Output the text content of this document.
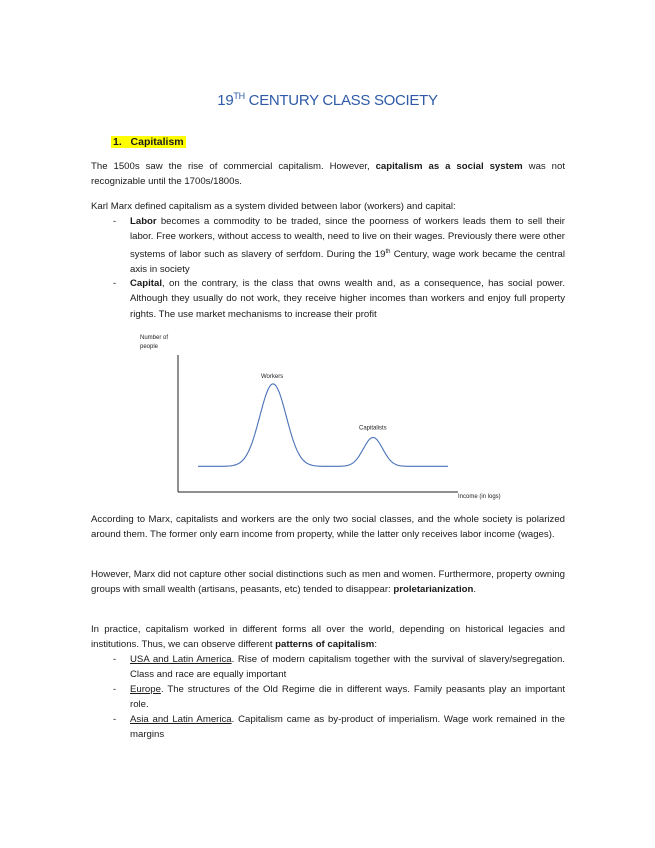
19TH CENTURY CLASS SOCIETY
1. Capitalism
The 1500s saw the rise of commercial capitalism. However, capitalism as a social system was not recognizable until the 1700s/1800s.
Karl Marx defined capitalism as a system divided between labor (workers) and capital:
- Labor becomes a commodity to be traded, since the poorness of workers leads them to sell their labor. Free workers, without access to wealth, need to live on their wages. Previously there were other systems of labor such as slavery of serfdom. During the 19th Century, wage work became the central axis in society
- Capital, on the contrary, is the class that owns wealth and, as a consequence, has social power. Although they usually do not work, they receive higher incomes than workers and enjoy full property rights. The use market mechanisms to increase their profit
Number of
people
Workers
Capitalists
Income (in logs)
According to Marx, capitalists and workers are the only two social classes, and the whole society is polarized around them. The former only earn income from property, while the latter only receives labor income (wages).
However, Marx did not capture other social distinctions such as men and women. Furthermore, property owning groups with small wealth (artisans, peasants, etc) tended to disappear: proletarianization.
In practice, capitalism worked in different forms all over the world, depending on historical legacies and institutions. Thus, we can observe different patterns of capitalism:
- USA and Latin America. Rise of modern capitalism together with the survival of slavery/segregation. Class and race are equally important
- Europe. The structures of the Old Regime die in different ways. Family peasants play an important role.
- Asia and Latin America. Capitalism came as by-product of imperialism. Wage work remained in the margins
